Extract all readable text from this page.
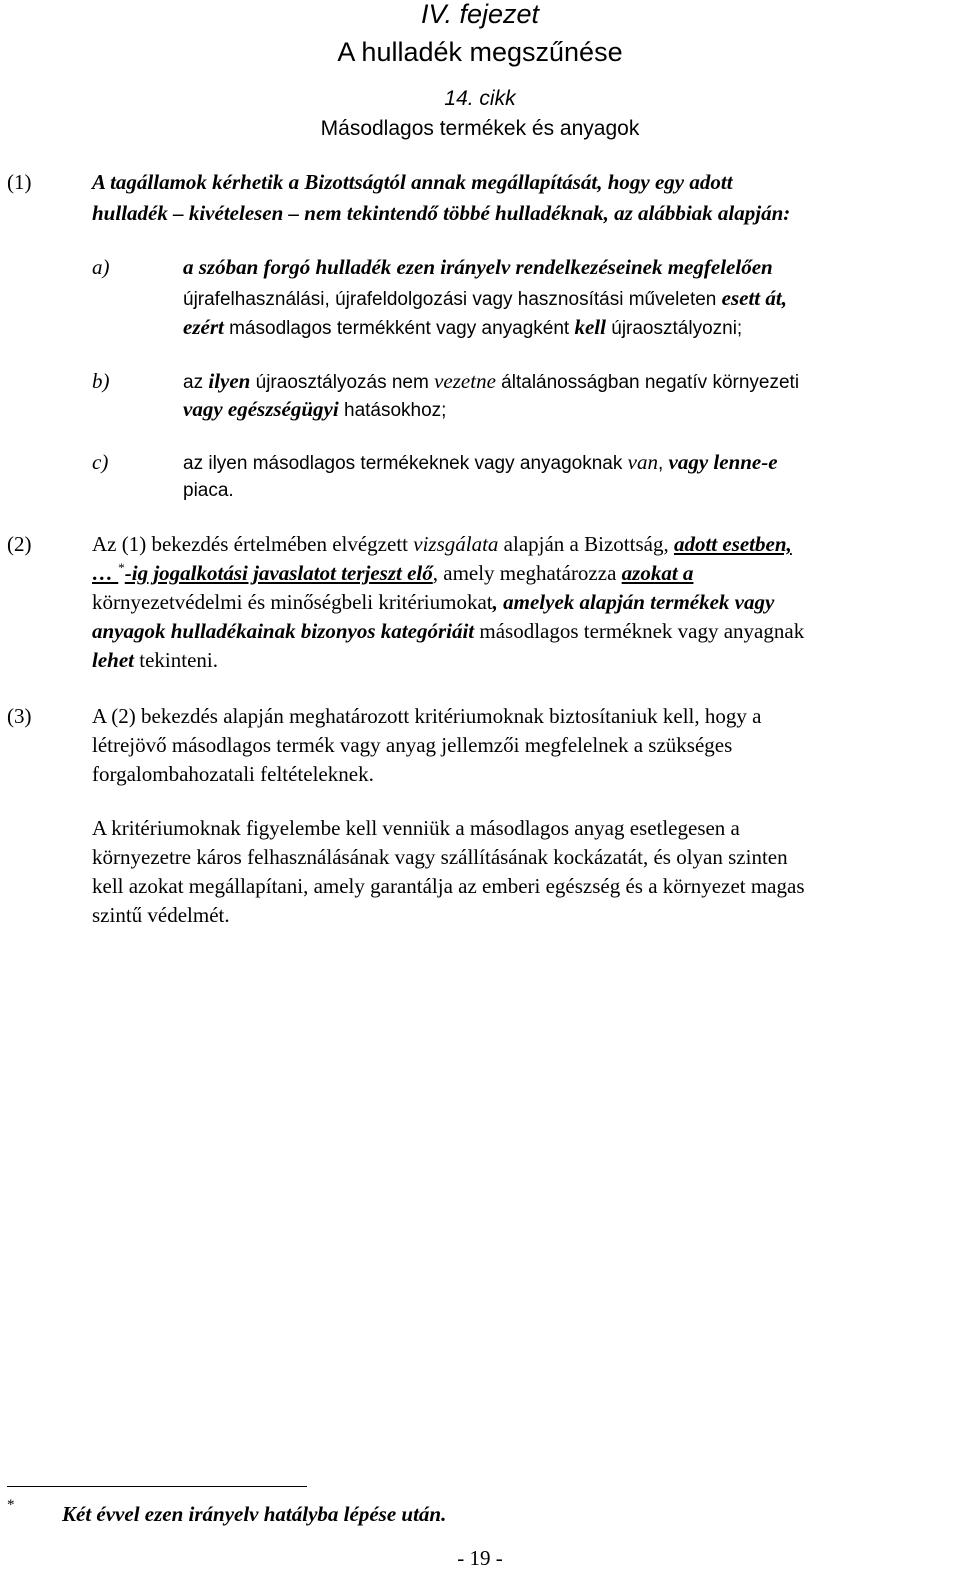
IV. fejezet
A hulladék megszűnése
14. cikk
Másodlagos termékek és anyagok
(1)	A tagállamok kérhetik a Bizottságtól annak megállapítását, hogy egy adott
hulladék – kivételesen – nem tekintendő többé hulladéknak, az alábbiak alapján:
a)	a szóban forgó hulladék ezen irányelv rendelkezéseinek megfelelően
újrafelhasználási, újrafeldolgozási vagy hasznosítási műveleten esett át,
ezért másodlagos termékként vagy anyagként kell újraosztályozni;
b)	az ilyen újraosztályozás nem vezetne általánosságban negatív környezeti
vagy egészségügyi hatásokhoz;
c)	az ilyen másodlagos termékeknek vagy anyagoknak van, vagy lenne-e
piaca.
(2)	Az (1) bekezdés értelmében elvégzett vizsgálata alapján a Bizottság, adott esetben,
… *-ig jogalkotási javaslatot terjeszt elő, amely meghatározza azokat a
környezetvédelmi és minőségbeli kritériumokat, amelyek alapján termékek vagy
anyagok hulladékainak bizonyos kategóriáit másodlagos terméknek vagy anyagnak
lehet tekinteni.
(3)	A (2) bekezdés alapján meghatározott kritériumoknak biztosítaniuk kell, hogy a
létrejövő másodlagos termék vagy anyag jellemzői megfelelnek a szükséges
forgalombahozatali feltételeknek.
A kritériumoknak figyelembe kell venniük a másodlagos anyag esetlegesen a
környezetre káros felhasználásának vagy szállításának kockázatát, és olyan szinten
kell azokat megállapítani, amely garantálja az emberi egészség és a környezet magas
szintű védelmét.
* Két évvel ezen irányelv hatályba lépése után.
- 19 -
